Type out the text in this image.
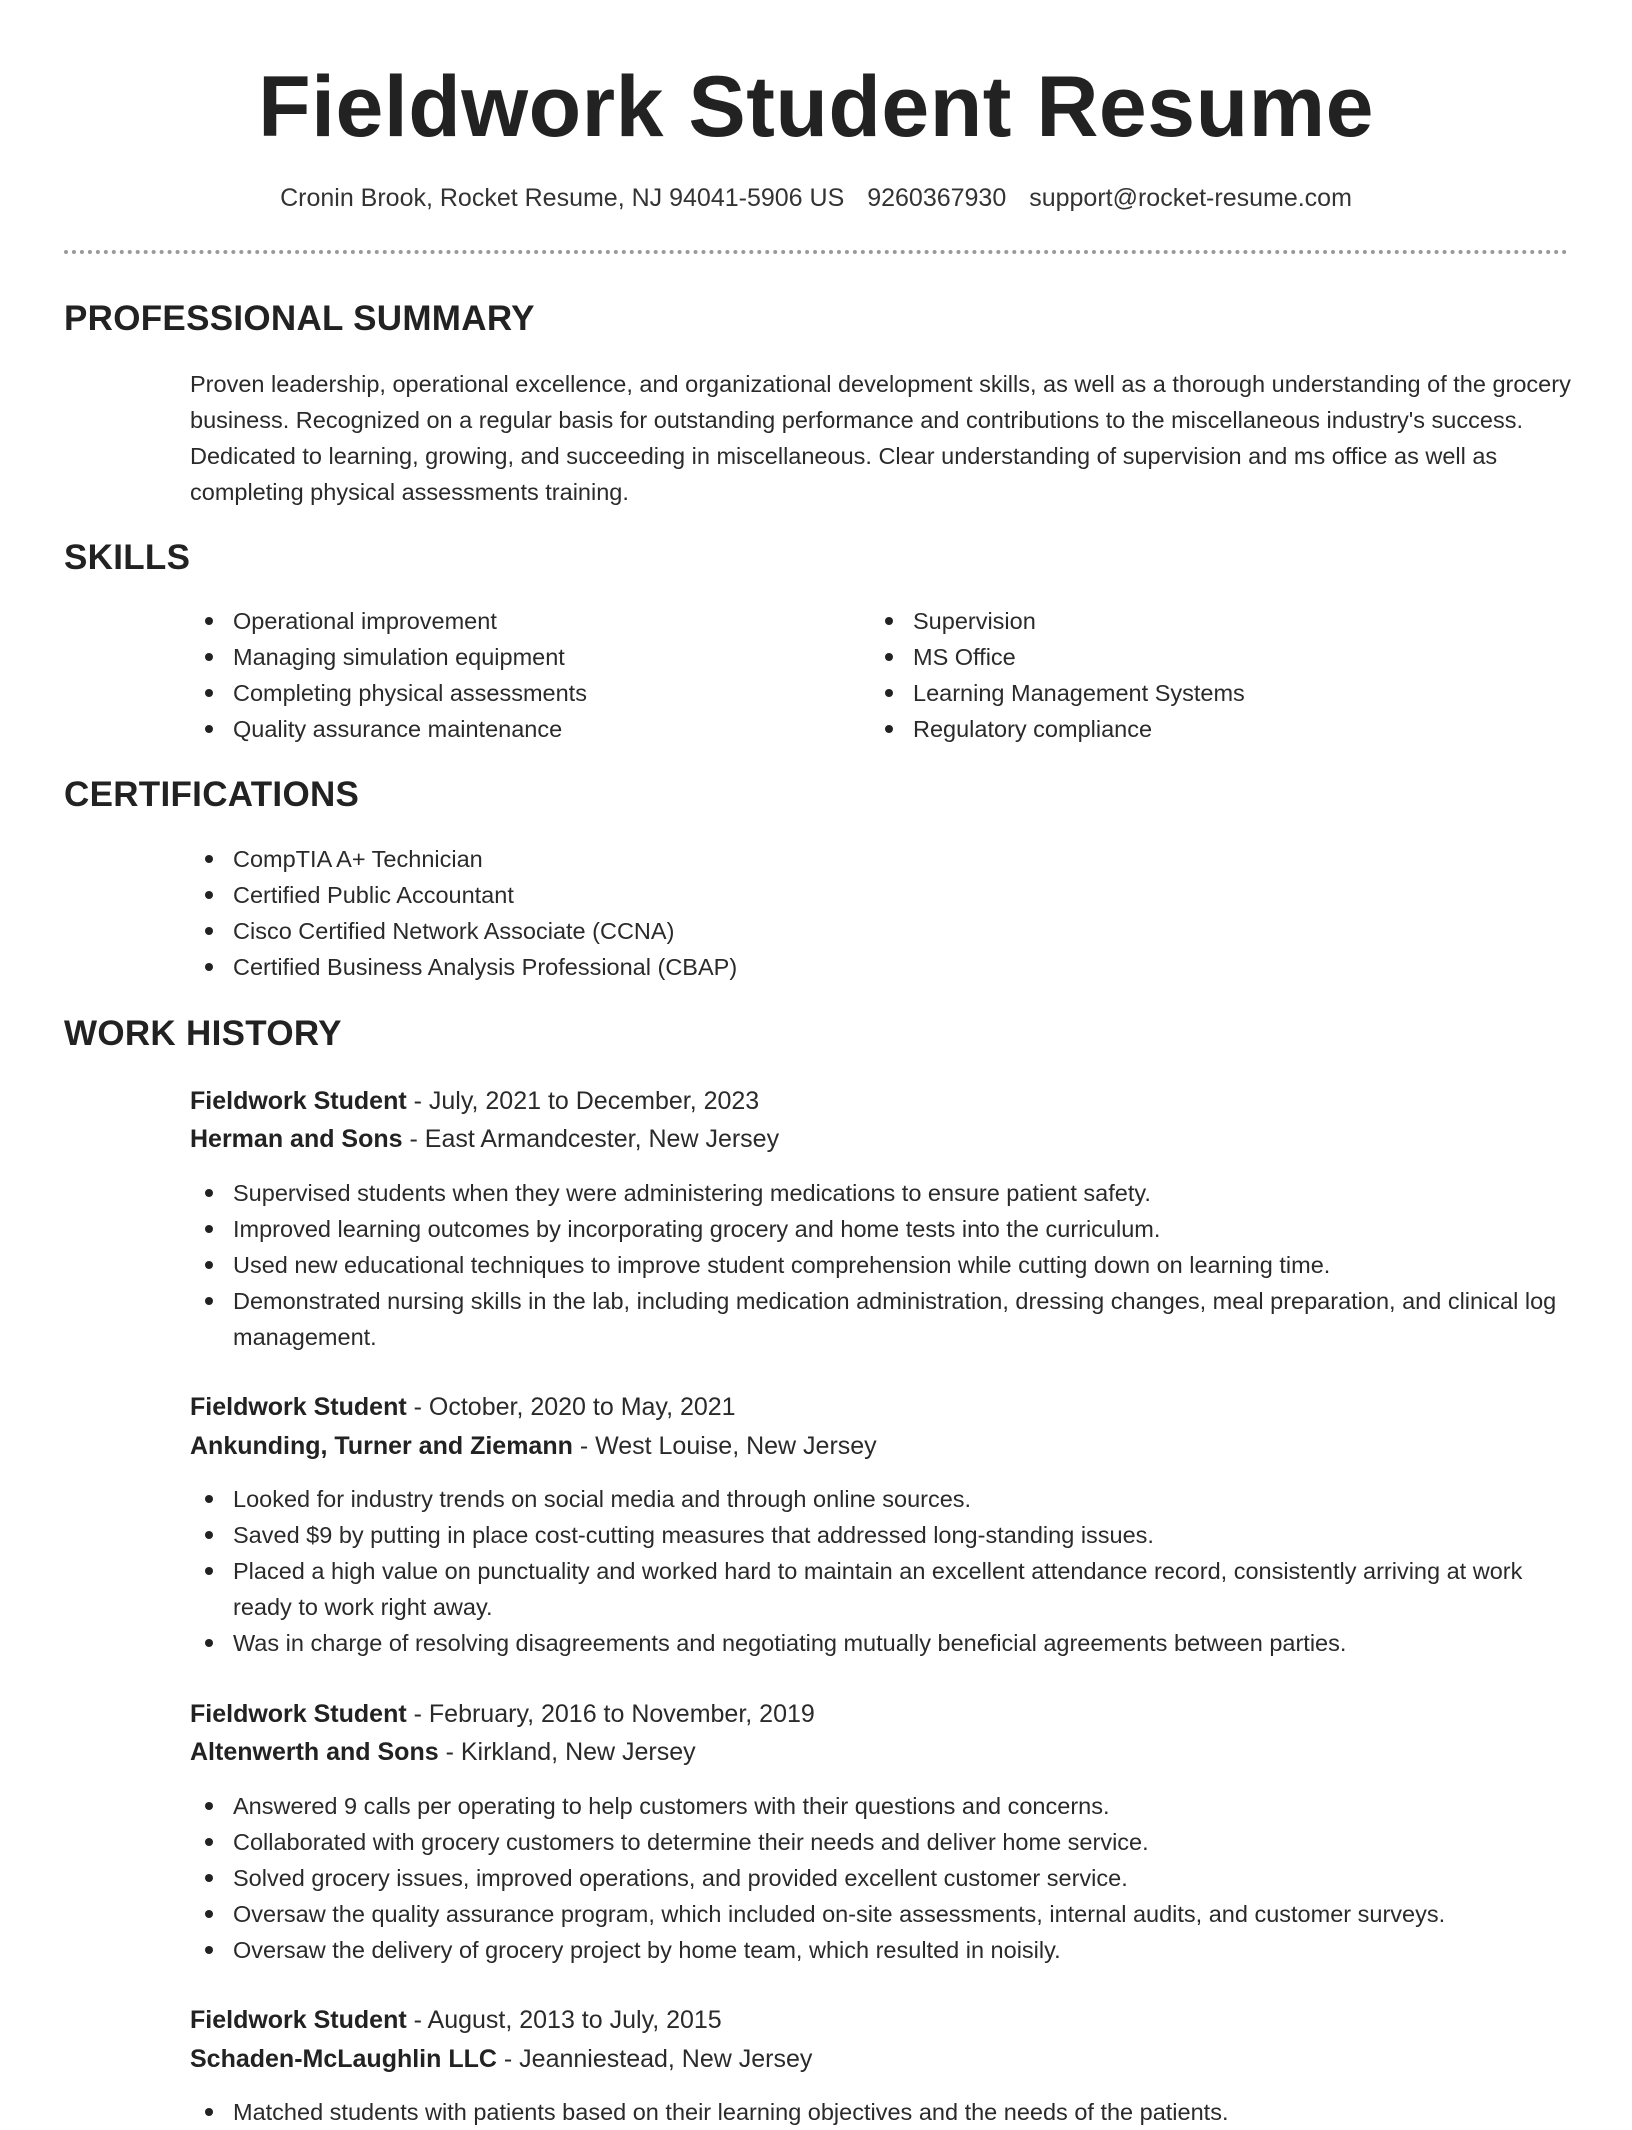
Fieldwork Student Resume
Cronin Brook, Rocket Resume, NJ 94041-5906 US 9260367930 support@rocket-resume.com
PROFESSIONAL SUMMARY

Proven leadership, operational excellence, and organizational development skills, as well as a thorough understanding of the grocery business. Recognized on a regular basis for outstanding performance and contributions to the miscellaneous industry's success. Dedicated to learning, growing, and succeeding in miscellaneous. Clear understanding of supervision and ms office as well as completing physical assessments training.

SKILLS
Operational improvement
Managing simulation equipment
Completing physical assessments
Quality assurance maintenance
Supervision
MS Office
Learning Management Systems
Regulatory compliance
CERTIFICATIONS
CompTIA A+ Technician
Certified Public Accountant
Cisco Certified Network Associate (CCNA)
Certified Business Analysis Professional (CBAP)
WORK HISTORY
Fieldwork Student - July, 2021 to December, 2023
Herman and Sons - East Armandcester, New Jersey
Supervised students when they were administering medications to ensure patient safety.
Improved learning outcomes by incorporating grocery and home tests into the curriculum.
Used new educational techniques to improve student comprehension while cutting down on learning time.
Demonstrated nursing skills in the lab, including medication administration, dressing changes, meal preparation, and clinical log management.
Fieldwork Student - October, 2020 to May, 2021
Ankunding, Turner and Ziemann - West Louise, New Jersey
Looked for industry trends on social media and through online sources.
Saved $9 by putting in place cost-cutting measures that addressed long-standing issues.
Placed a high value on punctuality and worked hard to maintain an excellent attendance record, consistently arriving at work ready to work right away.
Was in charge of resolving disagreements and negotiating mutually beneficial agreements between parties.
Fieldwork Student - February, 2016 to November, 2019
Altenwerth and Sons - Kirkland, New Jersey
Answered 9 calls per operating to help customers with their questions and concerns.
Collaborated with grocery customers to determine their needs and deliver home service.
Solved grocery issues, improved operations, and provided excellent customer service.
Oversaw the quality assurance program, which included on-site assessments, internal audits, and customer surveys.
Oversaw the delivery of grocery project by home team, which resulted in noisily.
Fieldwork Student - August, 2013 to July, 2015
Schaden-McLaughlin LLC - Jeanniestead, New Jersey
Matched students with patients based on their learning objectives and the needs of the patients.
